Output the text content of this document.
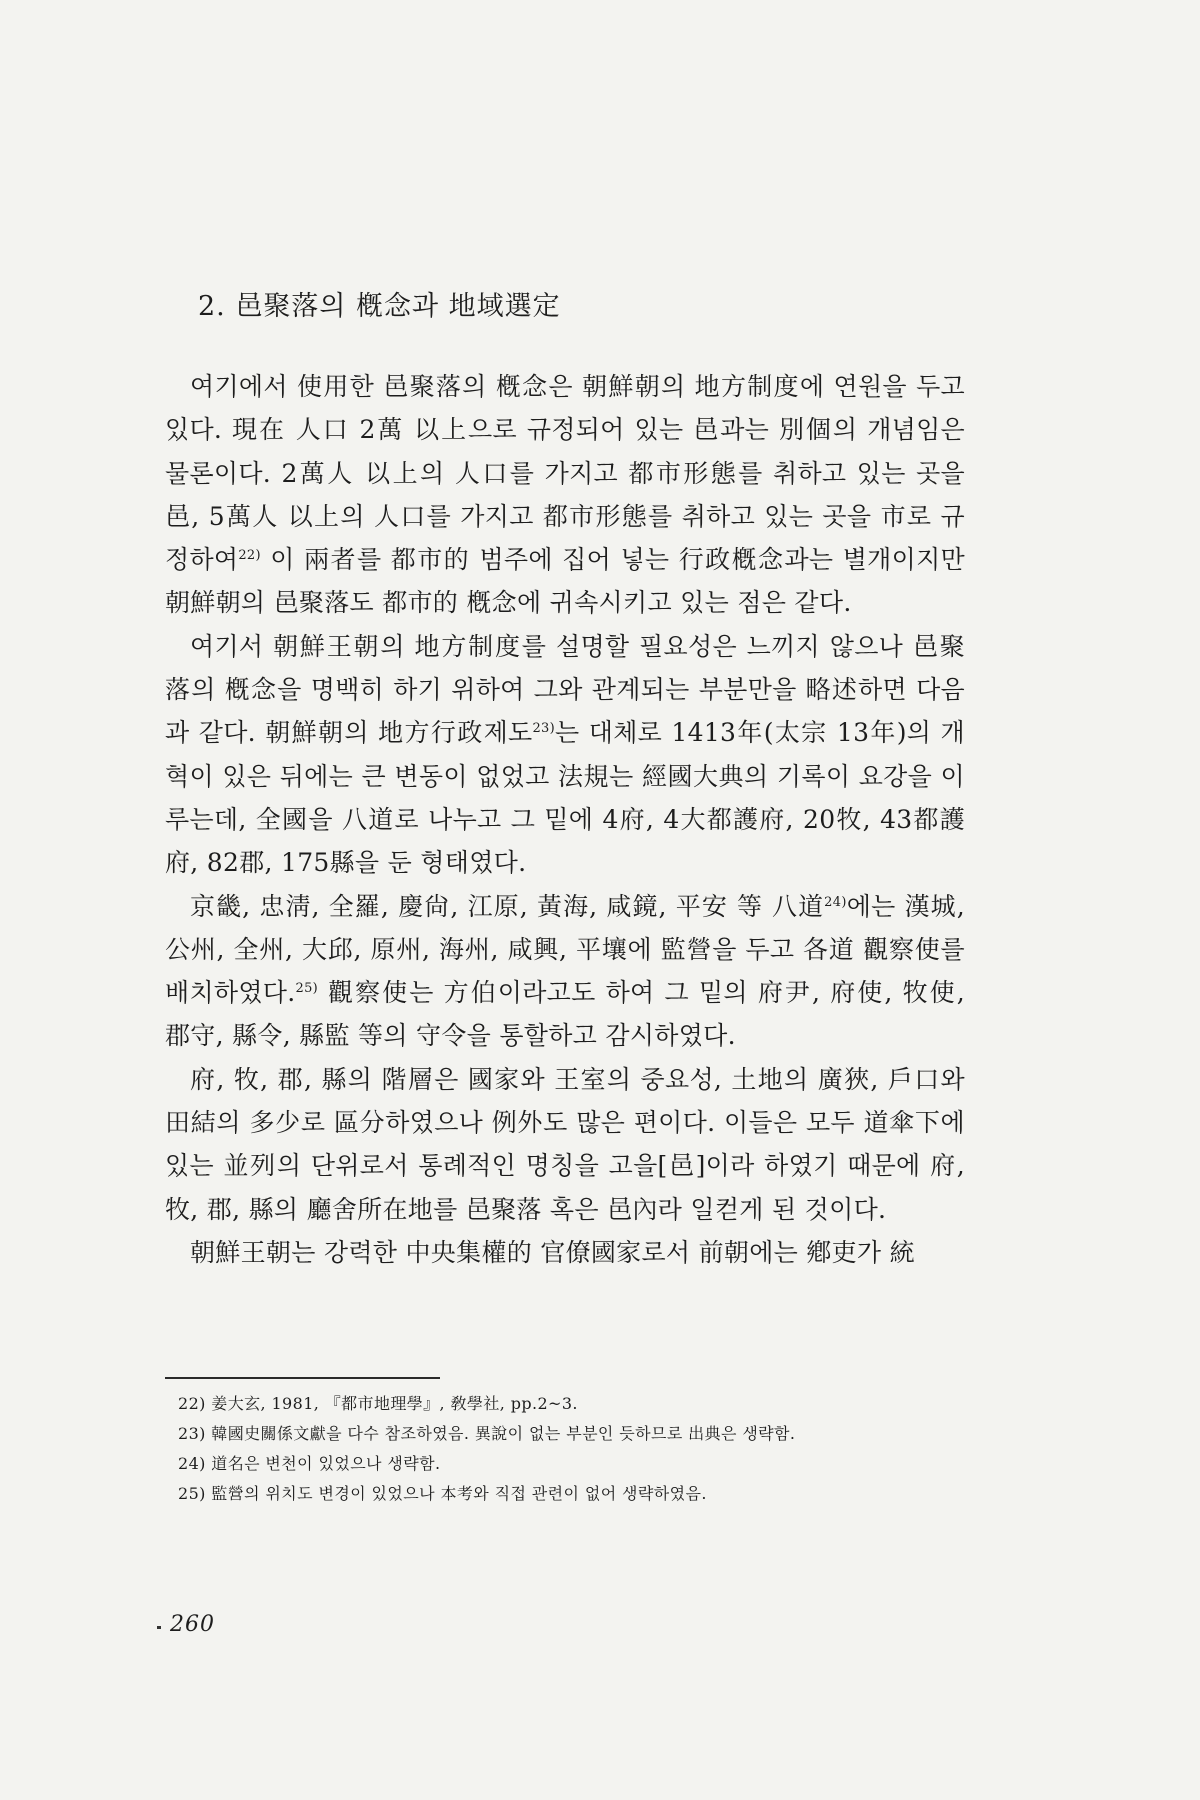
2. 邑聚落의 槪念과 地域選定

여기에서 使用한 邑聚落의 槪念은 朝鮮朝의 地方制度에 연원을 두고 있다. 現在 人口 2萬 以上으로 규정되어 있는 邑과는 別個의 개념임은 물론이다. 2萬人 以上의 人口를 가지고 都市形態를 취하고 있는 곳을 邑, 5萬人 以上의 人口를 가지고 都市形態를 취하고 있는 곳을 市로 규정하여$^{22)}$ 이 兩者를 都市的 범주에 집어 넣는 行政槪念과는 별개이지만 朝鮮朝의 邑聚落도 都市的 槪念에 귀속시키고 있는 점은 같다.

여기서 朝鮮王朝의 地方制度를 설명할 필요성은 느끼지 않으나 邑聚落의 槪念을 명백히 하기 위하여 그와 관계되는 부분만을 略述하면 다음과 같다. 朝鮮朝의 地方行政제도$^{23)}$는 대체로 1413年(太宗 13年)의 개혁이 있은 뒤에는 큰 변동이 없었고 法規는 經國大典의 기록이 요강을 이루는데, 全國을 八道로 나누고 그 밑에 4府, 4大都護府, 20牧, 43都護府, 82郡, 175縣을 둔 형태였다.

京畿, 忠淸, 全羅, 慶尙, 江原, 黃海, 咸鏡, 平安 等 八道$^{24)}$에는 漢城, 公州, 全州, 大邱, 原州, 海州, 咸興, 平壤에 監營을 두고 各道 觀察使를 배치하였다.$^{25)}$ 觀察使는 方伯이라고도 하여 그 밑의 府尹, 府使, 牧使, 郡守, 縣令, 縣監 等의 守令을 통할하고 감시하였다.

府, 牧, 郡, 縣의 階層은 國家와 王室의 중요성, 土地의 廣狹, 戶口와 田結의 多少로 區分하였으나 例外도 많은 편이다. 이들은 모두 道傘下에 있는 並列의 단위로서 통례적인 명칭을 고을[邑]이라 하였기 때문에 府, 牧, 郡, 縣의 廳舍所在地를 邑聚落 혹은 邑內라 일컫게 된 것이다.

朝鮮王朝는 강력한 中央集權的 官僚國家로서 前朝에는 鄕吏가 統

22) 姜大玄, 1981, 『都市地理學』, 敎學社, pp.2~3.
23) 韓國史關係文獻을 다수 참조하였음. 異說이 없는 부분인 듯하므로 出典은 생략함.
24) 道名은 변천이 있었으나 생략함.
25) 監營의 위치도 변경이 있었으나 本考와 직접 관련이 없어 생략하였음.
260
